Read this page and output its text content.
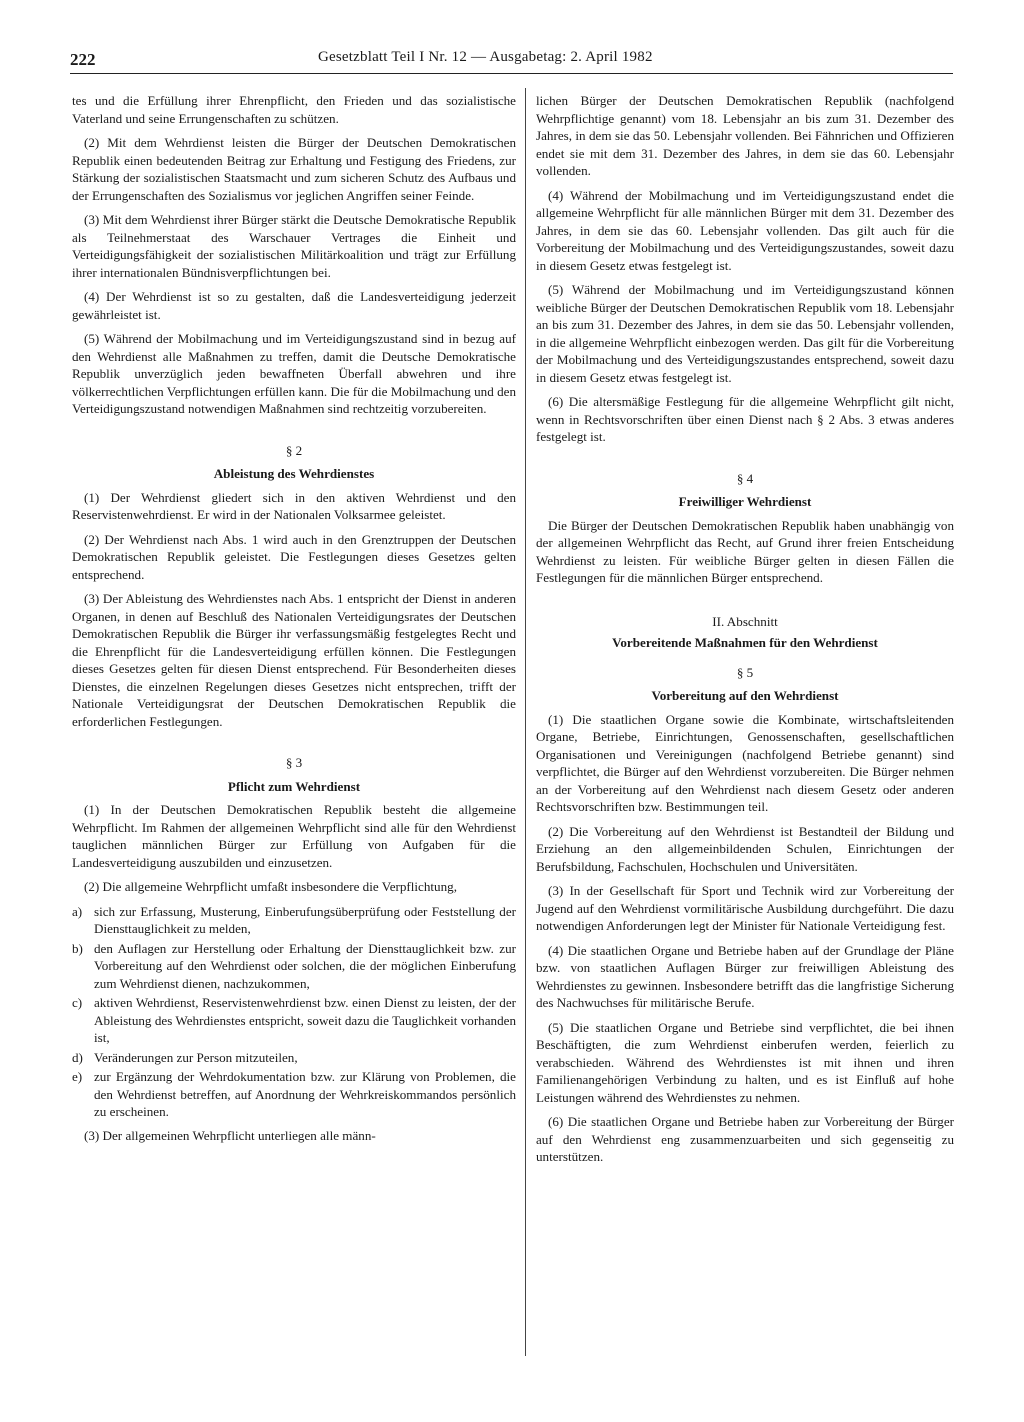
222	Gesetzblatt Teil I Nr. 12 — Ausgabetag: 2. April 1982

tes und die Erfüllung ihrer Ehrenpflicht, den Frieden und das sozialistische Vaterland und seine Errungenschaften zu schützen.

(2) Mit dem Wehrdienst leisten die Bürger der Deutschen Demokratischen Republik einen bedeutenden Beitrag zur Erhaltung und Festigung des Friedens, zur Stärkung der sozialistischen Staatsmacht und zum sicheren Schutz des Aufbaus und der Errungenschaften des Sozialismus vor jeglichen Angriffen seiner Feinde.

(3) Mit dem Wehrdienst ihrer Bürger stärkt die Deutsche Demokratische Republik als Teilnehmerstaat des Warschauer Vertrages die Einheit und Verteidigungsfähigkeit der sozialistischen Militärkoalition und trägt zur Erfüllung ihrer internationalen Bündnisverpflichtungen bei.

(4) Der Wehrdienst ist so zu gestalten, daß die Landesverteidigung jederzeit gewährleistet ist.

(5) Während der Mobilmachung und im Verteidigungszustand sind in bezug auf den Wehrdienst alle Maßnahmen zu treffen, damit die Deutsche Demokratische Republik unverzüglich jeden bewaffneten Überfall abwehren und ihre völkerrechtlichen Verpflichtungen erfüllen kann. Die für die Mobilmachung und den Verteidigungszustand notwendigen Maßnahmen sind rechtzeitig vorzubereiten.

§ 2

Ableistung des Wehrdienstes

(1) Der Wehrdienst gliedert sich in den aktiven Wehrdienst und den Reservistenwehrdienst. Er wird in der Nationalen Volksarmee geleistet.

(2) Der Wehrdienst nach Abs. 1 wird auch in den Grenztruppen der Deutschen Demokratischen Republik geleistet. Die Festlegungen dieses Gesetzes gelten entsprechend.

(3) Der Ableistung des Wehrdienstes nach Abs. 1 entspricht der Dienst in anderen Organen, in denen auf Beschluß des Nationalen Verteidigungsrates der Deutschen Demokratischen Republik die Bürger ihr verfassungsmäßig festgelegtes Recht und die Ehrenpflicht für die Landesverteidigung erfüllen können. Die Festlegungen dieses Gesetzes gelten für diesen Dienst entsprechend. Für Besonderheiten dieses Dienstes, die einzelnen Regelungen dieses Gesetzes nicht entsprechen, trifft der Nationale Verteidigungsrat der Deutschen Demokratischen Republik die erforderlichen Festlegungen.

§ 3

Pflicht zum Wehrdienst

(1) In der Deutschen Demokratischen Republik besteht die allgemeine Wehrpflicht. Im Rahmen der allgemeinen Wehrpflicht sind alle für den Wehrdienst tauglichen männlichen Bürger zur Erfüllung von Aufgaben für die Landesverteidigung auszubilden und einzusetzen.

(2) Die allgemeine Wehrpflicht umfaßt insbesondere die Verpflichtung,

a) sich zur Erfassung, Musterung, Einberufungsüberprüfung oder Feststellung der Diensttauglichkeit zu melden,
b) den Auflagen zur Herstellung oder Erhaltung der Diensttauglichkeit bzw. zur Vorbereitung auf den Wehrdienst oder solchen, die der möglichen Einberufung zum Wehrdienst dienen, nachzukommen,
c) aktiven Wehrdienst, Reservistenwehrdienst bzw. einen Dienst zu leisten, der der Ableistung des Wehrdienstes entspricht, soweit dazu die Tauglichkeit vorhanden ist,
d) Veränderungen zur Person mitzuteilen,
e) zur Ergänzung der Wehrdokumentation bzw. zur Klärung von Problemen, die den Wehrdienst betreffen, auf Anordnung der Wehrkreiskommandos persönlich zu erscheinen.

(3) Der allgemeinen Wehrpflicht unterliegen alle männ-

lichen Bürger der Deutschen Demokratischen Republik (nachfolgend Wehrpflichtige genannt) vom 18. Lebensjahr an bis zum 31. Dezember des Jahres, in dem sie das 50. Lebensjahr vollenden. Bei Fähnrichen und Offizieren endet sie mit dem 31. Dezember des Jahres, in dem sie das 60. Lebensjahr vollenden.

(4) Während der Mobilmachung und im Verteidigungszustand endet die allgemeine Wehrpflicht für alle männlichen Bürger mit dem 31. Dezember des Jahres, in dem sie das 60. Lebensjahr vollenden. Das gilt auch für die Vorbereitung der Mobilmachung und des Verteidigungszustandes, soweit dazu in diesem Gesetz etwas festgelegt ist.

(5) Während der Mobilmachung und im Verteidigungszustand können weibliche Bürger der Deutschen Demokratischen Republik vom 18. Lebensjahr an bis zum 31. Dezember des Jahres, in dem sie das 50. Lebensjahr vollenden, in die allgemeine Wehrpflicht einbezogen werden. Das gilt für die Vorbereitung der Mobilmachung und des Verteidigungszustandes entsprechend, soweit dazu in diesem Gesetz etwas festgelegt ist.

(6) Die altersmäßige Festlegung für die allgemeine Wehrpflicht gilt nicht, wenn in Rechtsvorschriften über einen Dienst nach § 2 Abs. 3 etwas anderes festgelegt ist.

§ 4

Freiwilliger Wehrdienst

Die Bürger der Deutschen Demokratischen Republik haben unabhängig von der allgemeinen Wehrpflicht das Recht, auf Grund ihrer freien Entscheidung Wehrdienst zu leisten. Für weibliche Bürger gelten in diesen Fällen die Festlegungen für die männlichen Bürger entsprechend.

II. Abschnitt

Vorbereitende Maßnahmen für den Wehrdienst

§ 5

Vorbereitung auf den Wehrdienst

(1) Die staatlichen Organe sowie die Kombinate, wirtschaftsleitenden Organe, Betriebe, Einrichtungen, Genossenschaften, gesellschaftlichen Organisationen und Vereinigungen (nachfolgend Betriebe genannt) sind verpflichtet, die Bürger auf den Wehrdienst vorzubereiten. Die Bürger nehmen an der Vorbereitung auf den Wehrdienst nach diesem Gesetz oder anderen Rechtsvorschriften bzw. Bestimmungen teil.

(2) Die Vorbereitung auf den Wehrdienst ist Bestandteil der Bildung und Erziehung an den allgemeinbildenden Schulen, Einrichtungen der Berufsbildung, Fachschulen, Hochschulen und Universitäten.

(3) In der Gesellschaft für Sport und Technik wird zur Vorbereitung der Jugend auf den Wehrdienst vormilitärische Ausbildung durchgeführt. Die dazu notwendigen Anforderungen legt der Minister für Nationale Verteidigung fest.

(4) Die staatlichen Organe und Betriebe haben auf der Grundlage der Pläne bzw. von staatlichen Auflagen Bürger zur freiwilligen Ableistung des Wehrdienstes zu gewinnen. Insbesondere betrifft das die langfristige Sicherung des Nachwuchses für militärische Berufe.

(5) Die staatlichen Organe und Betriebe sind verpflichtet, die bei ihnen Beschäftigten, die zum Wehrdienst einberufen werden, feierlich zu verabschieden. Während des Wehrdienstes ist mit ihnen und ihren Familienangehörigen Verbindung zu halten, und es ist Einfluß auf hohe Leistungen während des Wehrdienstes zu nehmen.

(6) Die staatlichen Organe und Betriebe haben zur Vorbereitung der Bürger auf den Wehrdienst eng zusammenzuarbeiten und sich gegenseitig zu unterstützen.
